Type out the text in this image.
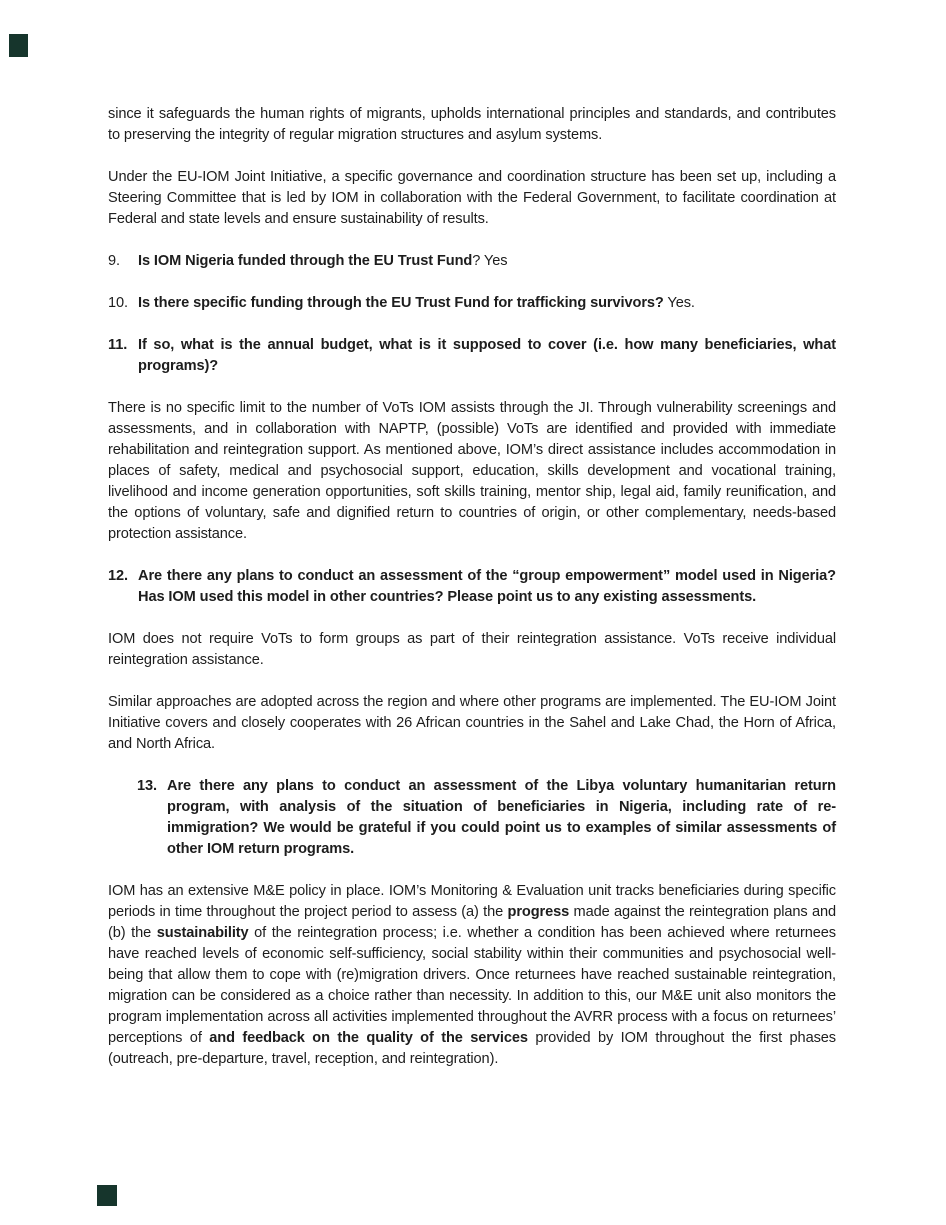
since it safeguards the human rights of migrants, upholds international principles and standards, and contributes to preserving the integrity of regular migration structures and asylum systems.

Under the EU-IOM Joint Initiative, a specific governance and coordination structure has been set up, including a Steering Committee that is led by IOM in collaboration with the Federal Government, to facilitate coordination at Federal and state levels and ensure sustainability of results.

9.	Is IOM Nigeria funded through the EU Trust Fund? Yes
10. Is there specific funding through the EU Trust Fund for trafficking survivors? Yes.
11. If so, what is the annual budget, what is it supposed to cover (i.e. how many beneficiaries, what programs)?

There is no specific limit to the number of VoTs IOM assists through the JI. Through vulnerability screenings and assessments, and in collaboration with NAPTP, (possible) VoTs are identified and provided with immediate rehabilitation and reintegration support. As mentioned above, IOM’s direct assistance includes accommodation in places of safety, medical and psychosocial support, education, skills development and vocational training, livelihood and income generation opportunities, soft skills training, mentor ship, legal aid, family reunification, and the options of voluntary, safe and dignified return to countries of origin, or other complementary, needs-based protection assistance.

12. Are there any plans to conduct an assessment of the “group empowerment” model used in Nigeria? Has IOM used this model in other countries? Please point us to any existing assessments.

IOM does not require VoTs to form groups as part of their reintegration assistance. VoTs receive individual reintegration assistance.

Similar approaches are adopted across the region and where other programs are implemented. The EU-IOM Joint Initiative covers and closely cooperates with 26 African countries in the Sahel and Lake Chad, the Horn of Africa, and North Africa.

13. Are there any plans to conduct an assessment of the Libya voluntary humanitarian return program, with analysis of the situation of beneficiaries in Nigeria, including rate of re-immigration? We would be grateful if you could point us to examples of similar assessments of other IOM return programs.

IOM has an extensive M&E policy in place. IOM’s Monitoring & Evaluation unit tracks beneficiaries during specific periods in time throughout the project period to assess (a) the progress made against the reintegration plans and (b) the sustainability of the reintegration process; i.e. whether a condition has been achieved where returnees have reached levels of economic self-sufficiency, social stability within their communities and psychosocial well-being that allow them to cope with (re)migration drivers. Once returnees have reached sustainable reintegration, migration can be considered as a choice rather than necessity. In addition to this, our M&E unit also monitors the program implementation across all activities implemented throughout the AVRR process with a focus on returnees’ perceptions of and feedback on the quality of the services provided by IOM throughout the first phases (outreach, pre-departure, travel, reception, and reintegration).
